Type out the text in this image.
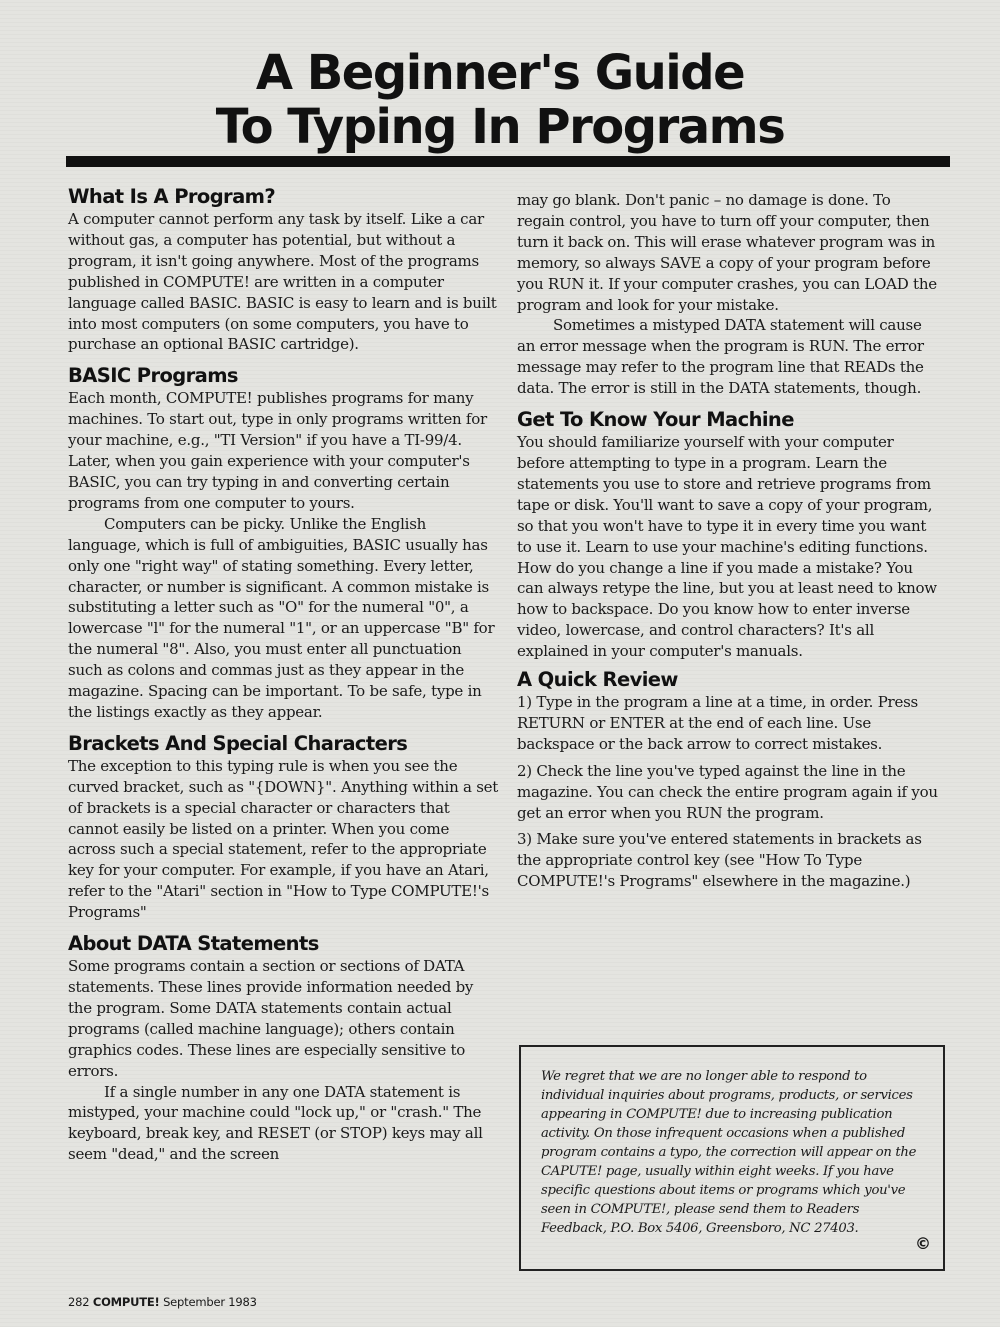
A Beginner's Guide
To Typing In Programs
What Is A Program?

A computer cannot perform any task by itself. Like a car without gas, a computer has potential, but without a program, it isn't going anywhere. Most of the programs published in COMPUTE! are written in a computer language called BASIC. BASIC is easy to learn and is built into most computers (on some computers, you have to purchase an optional BASIC cartridge).

BASIC Programs

Each month, COMPUTE! publishes programs for many machines. To start out, type in only programs written for your machine, e.g., "TI Version" if you have a TI-99/4. Later, when you gain experience with your computer's BASIC, you can try typing in and converting certain programs from one computer to yours.

Computers can be picky. Unlike the English language, which is full of ambiguities, BASIC usually has only one "right way" of stating something. Every letter, character, or number is significant. A common mistake is substituting a letter such as "O" for the numeral "0", a lowercase "l" for the numeral "1", or an uppercase "B" for the numeral "8". Also, you must enter all punctuation such as colons and commas just as they appear in the magazine. Spacing can be important. To be safe, type in the listings exactly as they appear.

Brackets And Special Characters

The exception to this typing rule is when you see the curved bracket, such as "{DOWN}". Anything within a set of brackets is a special character or characters that cannot easily be listed on a printer. When you come across such a special statement, refer to the appropriate key for your computer. For example, if you have an Atari, refer to the "Atari" section in "How to Type COMPUTE!'s Programs"

About DATA Statements

Some programs contain a section or sections of DATA statements. These lines provide information needed by the program. Some DATA statements contain actual programs (called machine language); others contain graphics codes. These lines are especially sensitive to errors.

If a single number in any one DATA statement is mistyped, your machine could "lock up," or "crash." The keyboard, break key, and RESET (or STOP) keys may all seem "dead," and the screen

may go blank. Don't panic – no damage is done. To regain control, you have to turn off your computer, then turn it back on. This will erase whatever program was in memory, so always SAVE a copy of your program before you RUN it. If your computer crashes, you can LOAD the program and look for your mistake.

Sometimes a mistyped DATA statement will cause an error message when the program is RUN. The error message may refer to the program line that READs the data. The error is still in the DATA statements, though.

Get To Know Your Machine

You should familiarize yourself with your computer before attempting to type in a program. Learn the statements you use to store and retrieve programs from tape or disk. You'll want to save a copy of your program, so that you won't have to type it in every time you want to use it. Learn to use your machine's editing functions. How do you change a line if you made a mistake? You can always retype the line, but you at least need to know how to backspace. Do you know how to enter inverse video, lowercase, and control characters? It's all explained in your computer's manuals.

A Quick Review

1) Type in the program a line at a time, in order. Press RETURN or ENTER at the end of each line. Use backspace or the back arrow to correct mistakes.

2) Check the line you've typed against the line in the magazine. You can check the entire program again if you get an error when you RUN the program.

3) Make sure you've entered statements in brackets as the appropriate control key (see "How To Type COMPUTE!'s Programs" elsewhere in the magazine.)

We regret that we are no longer able to respond to individual inquiries about programs, products, or services appearing in COMPUTE! due to increasing publication activity. On those infrequent occasions when a published program contains a typo, the correction will appear on the CAPUTE! page, usually within eight weeks. If you have specific questions about items or programs which you've seen in COMPUTE!, please send them to Readers Feedback, P.O. Box 5406, Greensboro, NC 27403.

©
282 COMPUTE! September 1983
